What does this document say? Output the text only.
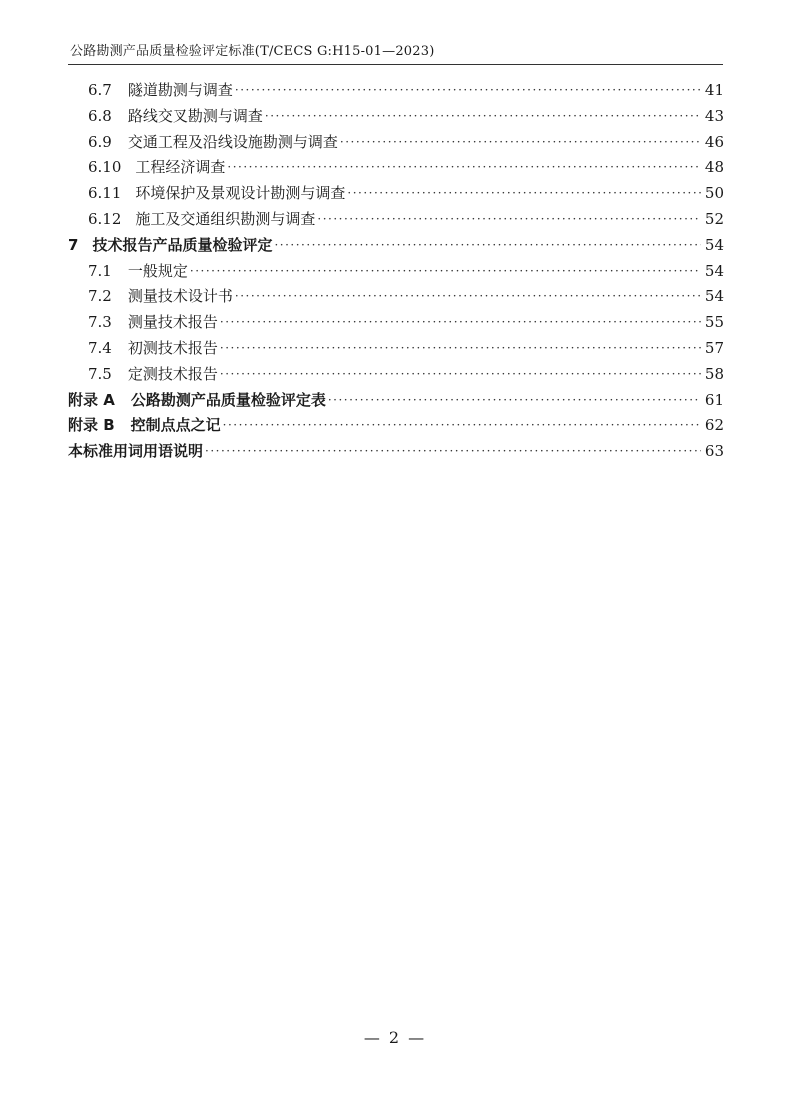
公路勘测产品质量检验评定标准(T/CECS G:H15-01—2023)
6.7 隧道勘测与调查 ·····	41
6.8 路线交叉勘测与调查 ·····	43
6.9 交通工程及沿线设施勘测与调查 ·····	46
6.10 工程经济调查 ·····	48
6.11 环境保护及景观设计勘测与调查 ·····	50
6.12 施工及交通组织勘测与调查 ·····	52
7 技术报告产品质量检验评定 ·····	54
7.1 一般规定 ·····	54
7.2 测量技术设计书 ·····	54
7.3 测量技术报告 ·····	55
7.4 初测技术报告 ·····	57
7.5 定测技术报告 ·····	58
附录 A 公路勘测产品质量检验评定表 ·····	61
附录 B 控制点点之记 ·····	62
本标准用词用语说明 ·····	63
— 2 —
